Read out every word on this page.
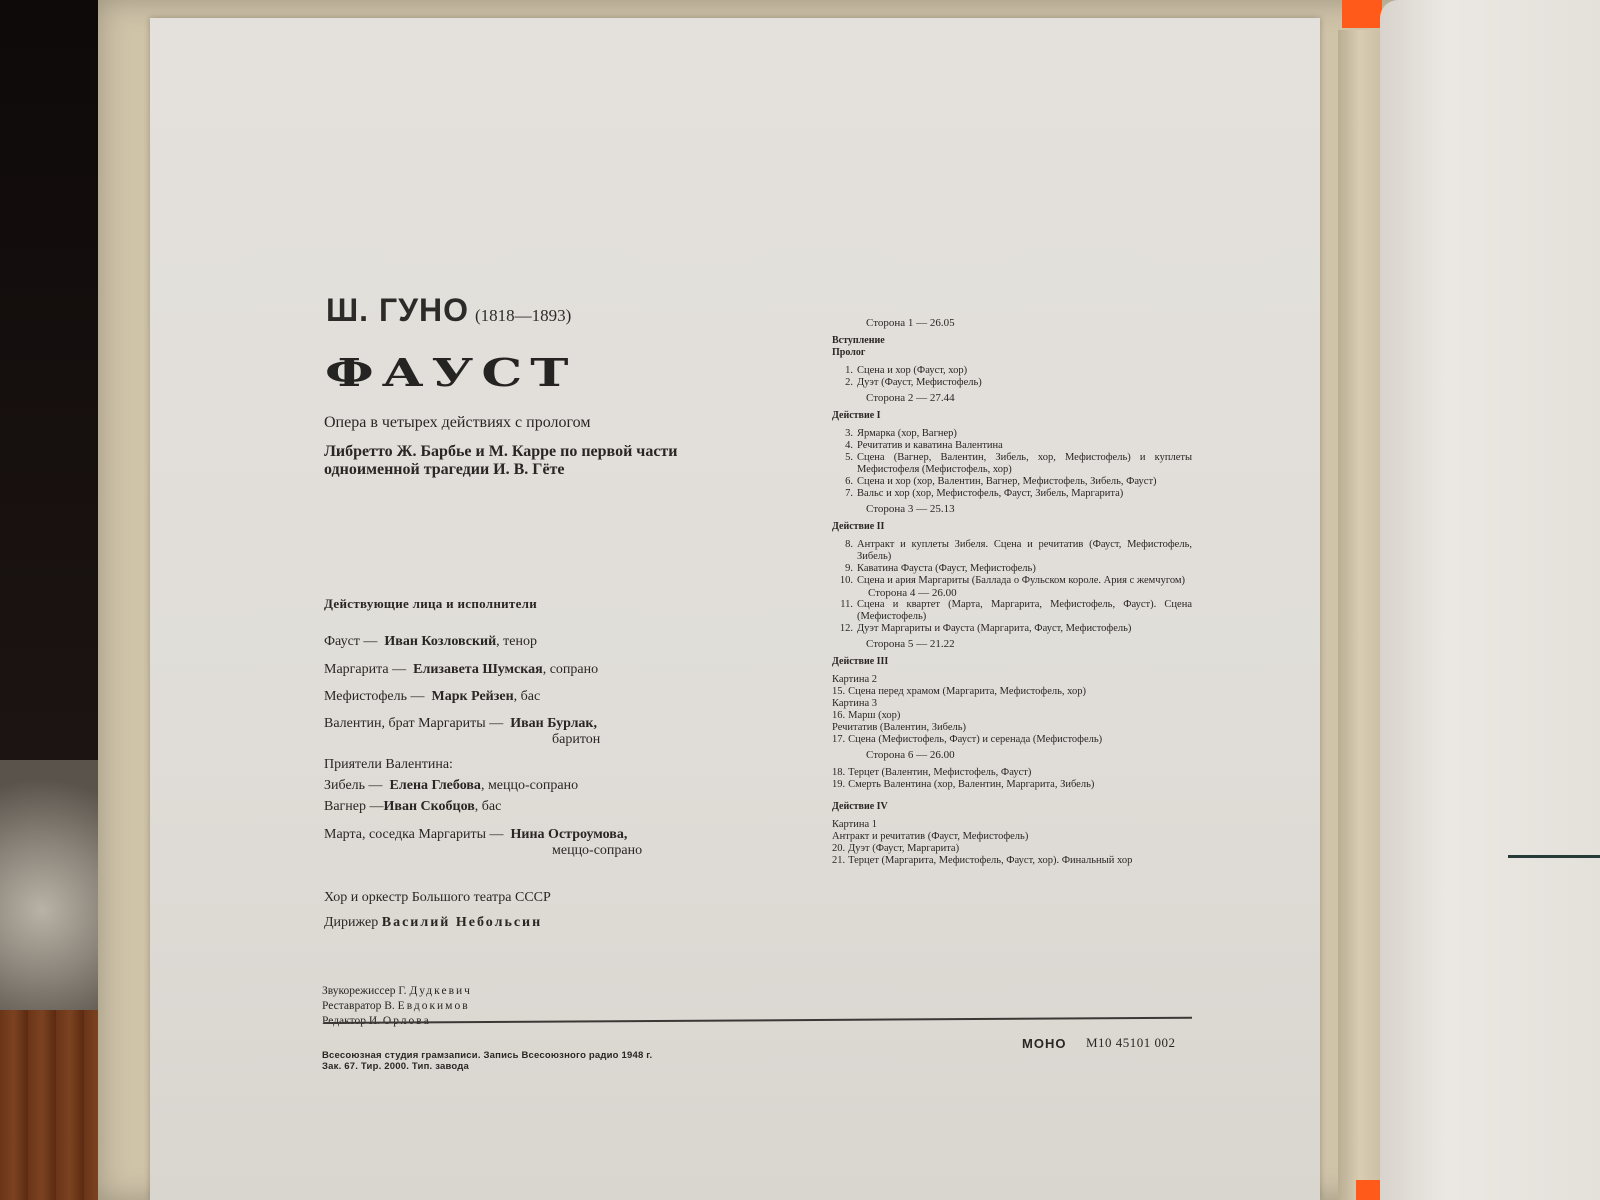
Ш. ГУНО (1818—1893)
ФАУСТ
Опера в четырех действиях с прологом
Либретто Ж. Барбье и М. Карре по первой части
одноименной трагедии И. В. Гёте
Действующие лица и исполнители
Фауст — Иван Козловский, тенор
Маргарита — Елизавета Шумская, сопрано
Мефистофель — Марк Рейзен, бас
Валентин, брат Маргариты — Иван Бурлак,
баритон
Приятели Валентина:
Зибель — Елена Глебова, меццо-сопрано
Вагнер —Иван Скобцов, бас
Марта, соседка Маргариты — Нина Остроумова,
меццо-сопрано
Хор и оркестр Большого театра СССР
Дирижер Василий Небольсин
Звукорежиссер Г. Дудкевич
Реставратор В. Евдокимов
МОНО М10 45101 002
Всесоюзная студия грамзаписи. Запись Всесоюзного радио 1948 г.
Зак. 67. Тир. 2000. Тип. завода
Сторона 1 — 26.05
Вступление
Пролог
1. Сцена и хор (Фауст, хор)
2. Дуэт (Фауст, Мефистофель)
Сторона 2 — 27.44
Действие I
3. Ярмарка (хор, Вагнер)
4. Речитатив и каватина Валентина
5. Сцена (Вагнер, Валентин, Зибель, хор, Мефистофель) и куплеты Мефистофеля (Мефистофель, хор)
6. Сцена и хор (хор, Валентин, Вагнер, Мефистофель, Зибель, Фауст)
7. Вальс и хор (хор, Мефистофель, Фауст, Зибель, Маргарита)
Сторона 3 — 25.13
Действие II
8. Антракт и куплеты Зибеля. Сцена и речитатив (Фауст, Мефистофель, Зибель)
9. Каватина Фауста (Фауст, Мефистофель)
10. Сцена и ария Маргариты (Баллада о Фульском короле. Ария с жемчугом)
Сторона 4 — 26.00
11. Сцена и квартет (Марта, Маргарита, Мефистофель, Фауст). Сцена (Мефистофель)
12. Дуэт Маргариты и Фауста (Маргарита, Фауст, Мефистофель)
Сторона 5 — 21.22
Действие III
Картина 2
15. Сцена перед храмом (Маргарита, Мефистофель, хор)
Картина 3
16. Марш (хор)
Речитатив (Валентин, Зибель)
17. Сцена (Мефистофель, Фауст) и серенада (Мефистофель)
Сторона 6 — 26.00
18. Терцет (Валентин, Мефистофель, Фауст)
19. Смерть Валентина (хор, Валентин, Маргарита, Зибель)
Действие IV
Картина 1
Антракт и речитатив (Фауст, Мефистофель)
20. Дуэт (Фауст, Маргарита)
21. Терцет (Маргарита, Мефистофель, Фауст, хор). Финальный хор
